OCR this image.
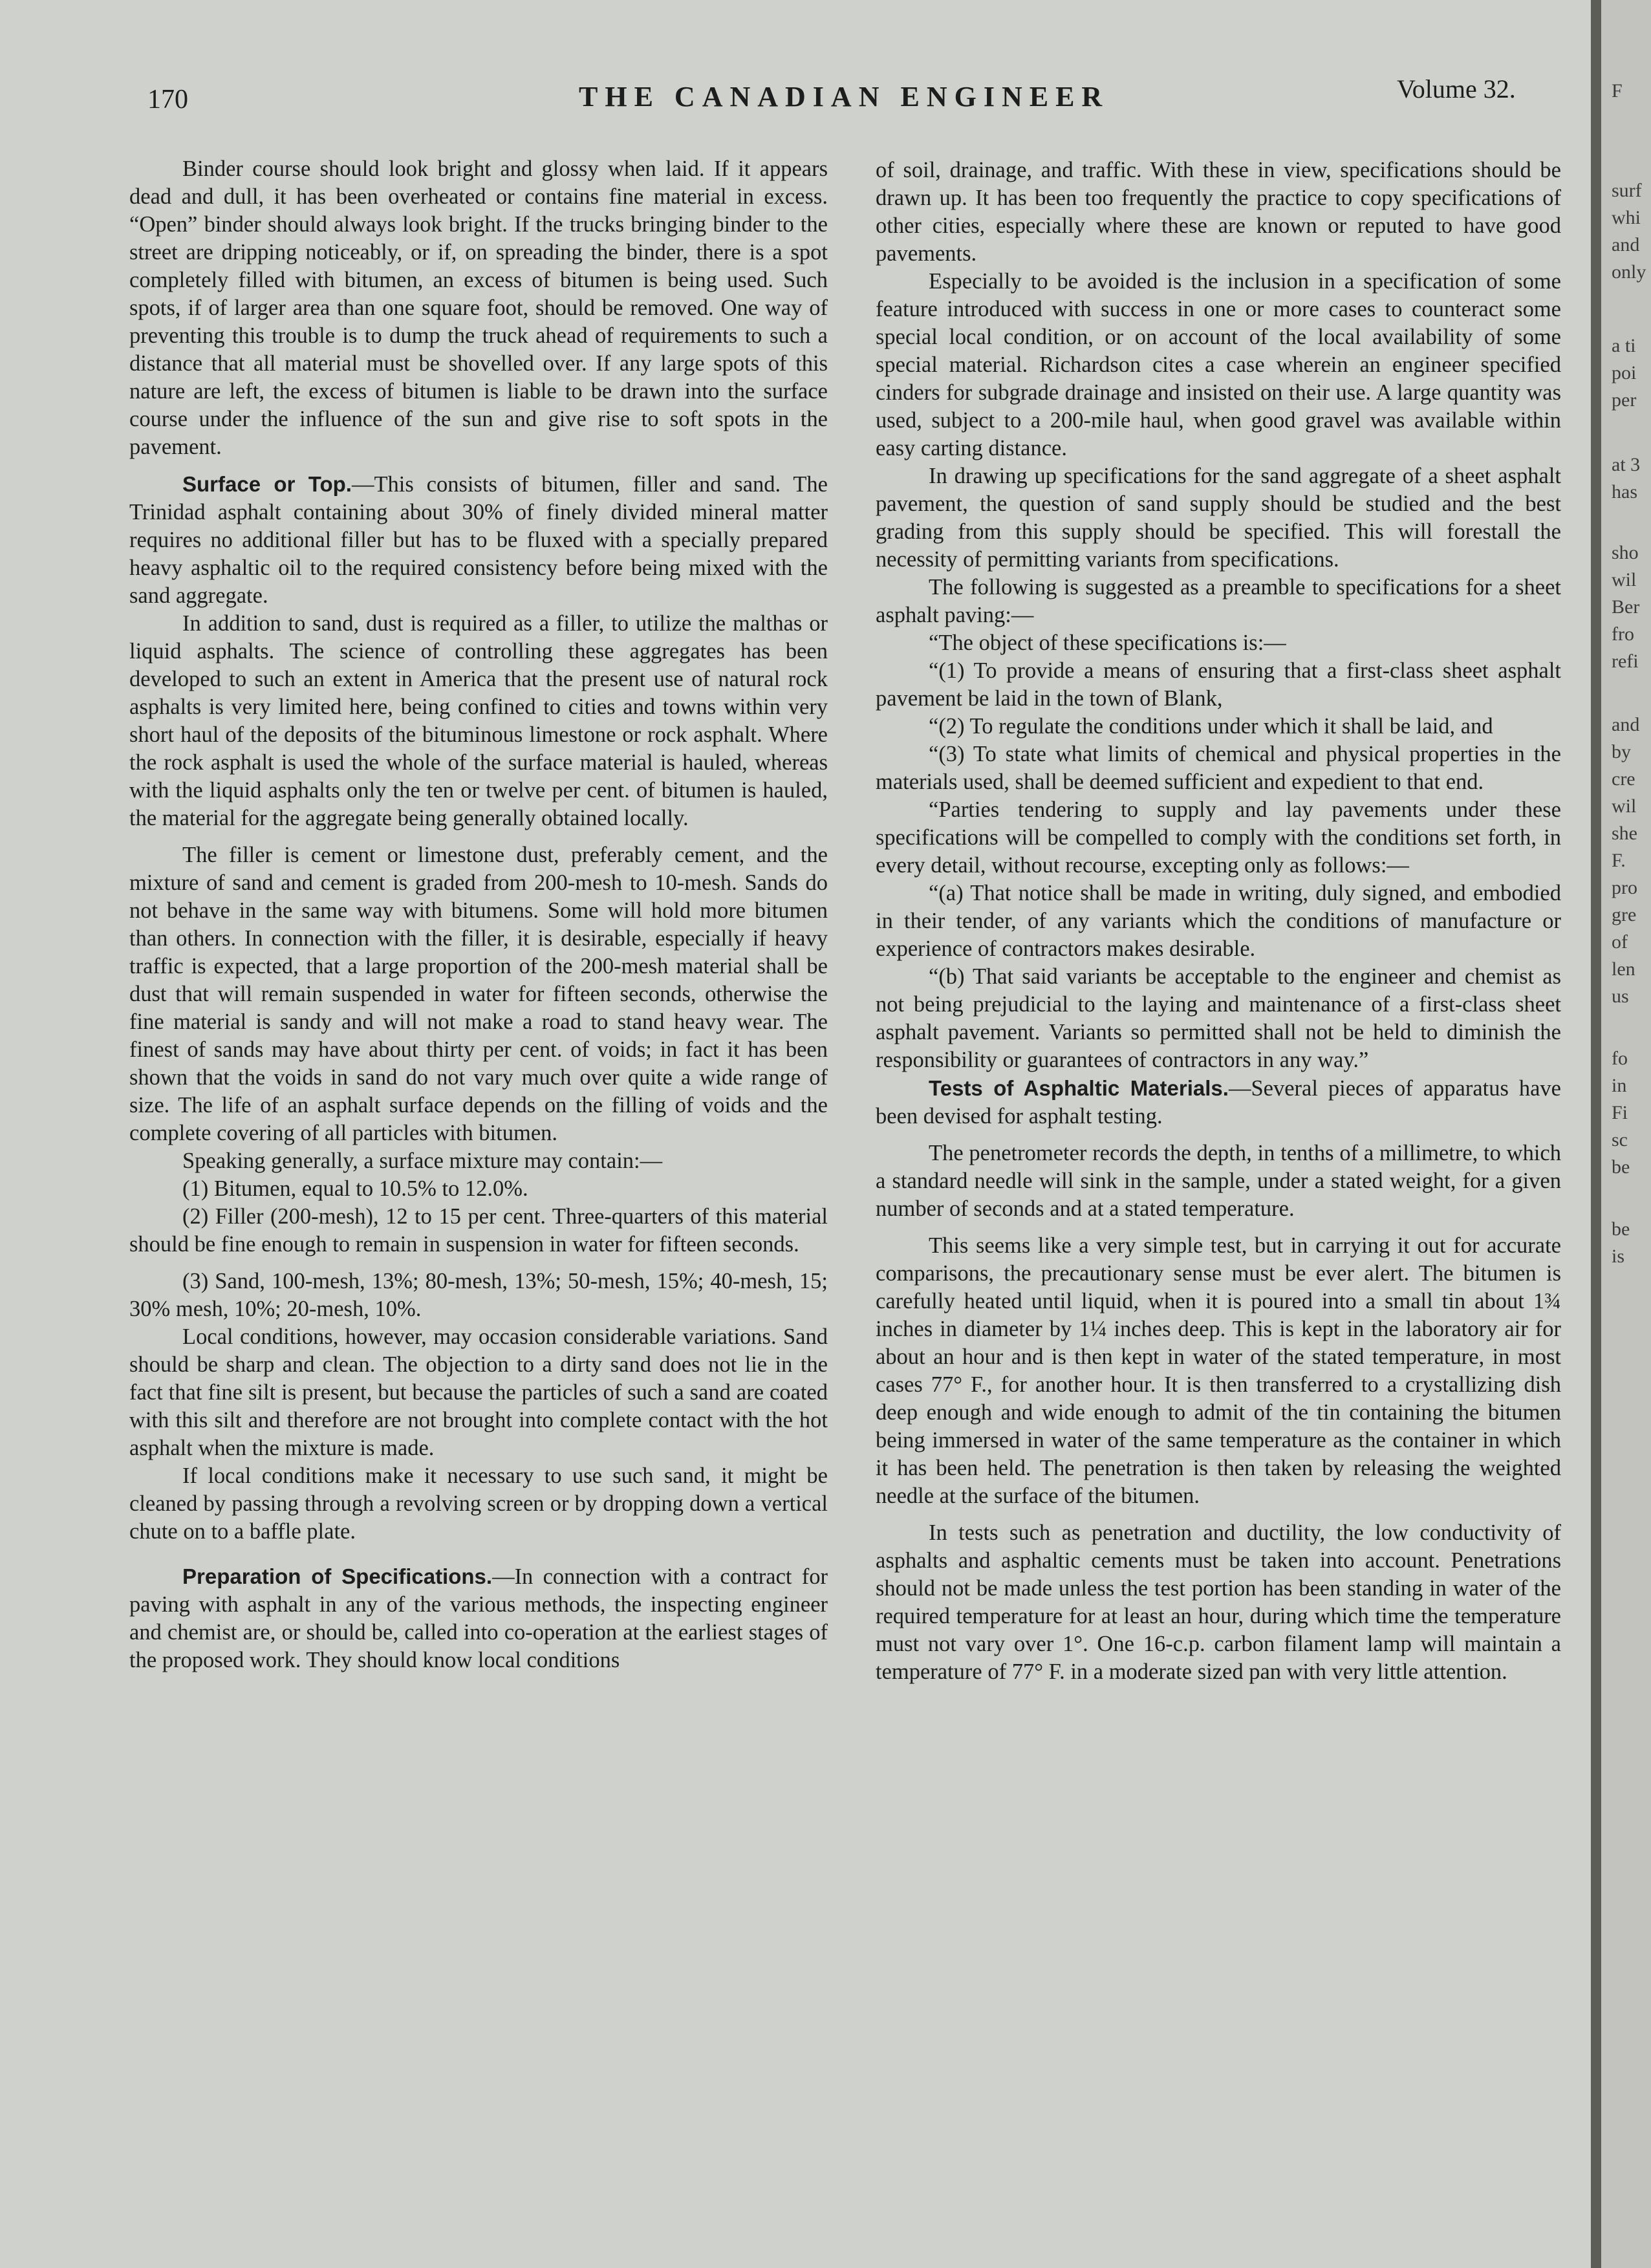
170	THE CANADIAN ENGINEER	Volume 32.

Binder course should look bright and glossy when laid. If it appears dead and dull, it has been overheated or contains fine material in excess. “Open” binder should always look bright. If the trucks bringing binder to the street are dripping noticeably, or if, on spreading the binder, there is a spot completely filled with bitumen, an excess of bitumen is being used. Such spots, if of larger area than one square foot, should be removed. One way of preventing this trouble is to dump the truck ahead of requirements to such a distance that all material must be shovelled over. If any large spots of this nature are left, the excess of bitumen is liable to be drawn into the surface course under the influence of the sun and give rise to soft spots in the pavement.

Surface or Top.—This consists of bitumen, filler and sand. The Trinidad asphalt containing about 30% of finely divided mineral matter requires no additional filler but has to be fluxed with a specially prepared heavy asphaltic oil to the required consistency before being mixed with the sand aggregate.

In addition to sand, dust is required as a filler, to utilize the malthas or liquid asphalts. The science of controlling these aggregates has been developed to such an extent in America that the present use of natural rock asphalts is very limited here, being confined to cities and towns within very short haul of the deposits of the bituminous limestone or rock asphalt. Where the rock asphalt is used the whole of the surface material is hauled, whereas with the liquid asphalts only the ten or twelve per cent. of bitumen is hauled, the material for the aggregate being generally obtained locally.

The filler is cement or limestone dust, preferably cement, and the mixture of sand and cement is graded from 200-mesh to 10-mesh. Sands do not behave in the same way with bitumens. Some will hold more bitumen than others. In connection with the filler, it is desirable, especially if heavy traffic is expected, that a large proportion of the 200-mesh material shall be dust that will remain suspended in water for fifteen seconds, otherwise the fine material is sandy and will not make a road to stand heavy wear. The finest of sands may have about thirty per cent. of voids; in fact it has been shown that the voids in sand do not vary much over quite a wide range of size. The life of an asphalt surface depends on the filling of voids and the complete covering of all particles with bitumen.

Speaking generally, a surface mixture may contain:—

(1) Bitumen, equal to 10.5% to 12.0%.

(2) Filler (200-mesh), 12 to 15 per cent. Three-quarters of this material should be fine enough to remain in suspension in water for fifteen seconds.

(3) Sand, 100-mesh, 13%; 80-mesh, 13%; 50-mesh, 15%; 40-mesh, 15; 30% mesh, 10%; 20-mesh, 10%.

Local conditions, however, may occasion considerable variations. Sand should be sharp and clean. The objection to a dirty sand does not lie in the fact that fine silt is present, but because the particles of such a sand are coated with this silt and therefore are not brought into complete contact with the hot asphalt when the mixture is made.

If local conditions make it necessary to use such sand, it might be cleaned by passing through a revolving screen or by dropping down a vertical chute on to a baffle plate.

Preparation of Specifications.—In connection with a contract for paving with asphalt in any of the various methods, the inspecting engineer and chemist are, or should be, called into co-operation at the earliest stages of the proposed work. They should know local conditions

of soil, drainage, and traffic. With these in view, specifications should be drawn up. It has been too frequently the practice to copy specifications of other cities, especially where these are known or reputed to have good pavements.

Especially to be avoided is the inclusion in a specification of some feature introduced with success in one or more cases to counteract some special local condition, or on account of the local availability of some special material. Richardson cites a case wherein an engineer specified cinders for subgrade drainage and insisted on their use. A large quantity was used, subject to a 200-mile haul, when good gravel was available within easy carting distance.

In drawing up specifications for the sand aggregate of a sheet asphalt pavement, the question of sand supply should be studied and the best grading from this supply should be specified. This will forestall the necessity of permitting variants from specifications.

The following is suggested as a preamble to specifications for a sheet asphalt paving:—

“The object of these specifications is:—

“(1) To provide a means of ensuring that a first-class sheet asphalt pavement be laid in the town of Blank,

“(2) To regulate the conditions under which it shall be laid, and

“(3) To state what limits of chemical and physical properties in the materials used, shall be deemed sufficient and expedient to that end.

“Parties tendering to supply and lay pavements under these specifications will be compelled to comply with the conditions set forth, in every detail, without recourse, excepting only as follows:—

“(a) That notice shall be made in writing, duly signed, and embodied in their tender, of any variants which the conditions of manufacture or experience of contractors makes desirable.

“(b) That said variants be acceptable to the engineer and chemist as not being prejudicial to the laying and maintenance of a first-class sheet asphalt pavement. Variants so permitted shall not be held to diminish the responsibility or guarantees of contractors in any way.”

Tests of Asphaltic Materials.—Several pieces of apparatus have been devised for asphalt testing.

The penetrometer records the depth, in tenths of a millimetre, to which a standard needle will sink in the sample, under a stated weight, for a given number of seconds and at a stated temperature.

This seems like a very simple test, but in carrying it out for accurate comparisons, the precautionary sense must be ever alert. The bitumen is carefully heated until liquid, when it is poured into a small tin about 1¾ inches in diameter by 1¼ inches deep. This is kept in the laboratory air for about an hour and is then kept in water of the stated temperature, in most cases 77° F., for another hour. It is then transferred to a crystallizing dish deep enough and wide enough to admit of the tin containing the bitumen being immersed in water of the same temperature as the container in which it has been held. The penetration is then taken by releasing the weighted needle at the surface of the bitumen.

In tests such as penetration and ductility, the low conductivity of asphalts and asphaltic cements must be taken into account. Penetrations should not be made unless the test portion has been standing in water of the required temperature for at least an hour, during which time the temperature must not vary over 1°. One 16-c.p. carbon filament lamp will maintain a temperature of 77° F. in a moderate sized pan with very little attention.

F
surf
whi
and
only
a ti
poi
per
at 3
has
sho
wil
Ber
fro
refi
and
by
cre
wil
she
F.
pro
gre
of
len
us
fo
in
Fi
sc
be
be
is
